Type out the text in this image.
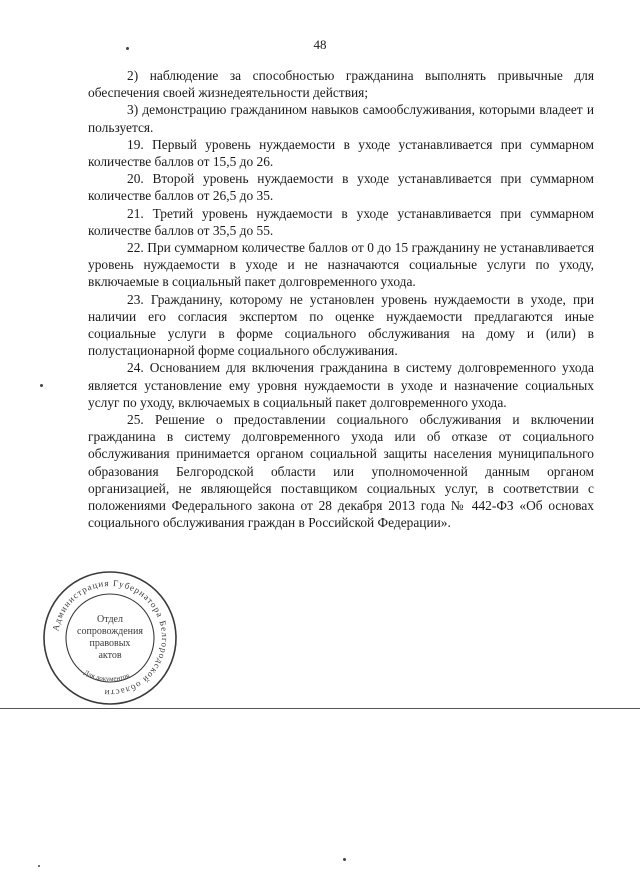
48

2) наблюдение за способностью гражданина выполнять привычные для обеспечения своей жизнедеятельности действия;

3) демонстрацию гражданином навыков самообслуживания, которыми владеет и пользуется.

19. Первый уровень нуждаемости в уходе устанавливается при суммарном количестве баллов от 15,5 до 26.

20. Второй уровень нуждаемости в уходе устанавливается при суммарном количестве баллов от 26,5 до 35.

21. Третий уровень нуждаемости в уходе устанавливается при суммарном количестве баллов от 35,5 до 55.

22. При суммарном количестве баллов от 0 до 15 гражданину не устанавливается уровень нуждаемости в уходе и не назначаются социальные услуги по уходу, включаемые в социальный пакет долговременного ухода.

23. Гражданину, которому не установлен уровень нуждаемости в уходе, при наличии его согласия экспертом по оценке нуждаемости предлагаются иные социальные услуги в форме социального обслуживания на дому и (или) в полустационарной форме социального обслуживания.

24. Основанием для включения гражданина в систему долговременного ухода является установление ему уровня нуждаемости в уходе и назначение социальных услуг по уходу, включаемых в социальный пакет долговременного ухода.

25. Решение о предоставлении социального обслуживания и включении гражданина в систему долговременного ухода или об отказе от социального обслуживания принимается органом социальной защиты населения муниципального образования Белгородской области или уполномоченной данным органом организацией, не являющейся поставщиком социальных услуг, в соответствии с положениями Федерального закона от 28 декабря 2013 года № 442-ФЗ «Об основах социального обслуживания граждан в Российской Федерации».

Администрация Губернатора Белгородской области
Отдел
сопровождения
правовых
актов
Для документов
